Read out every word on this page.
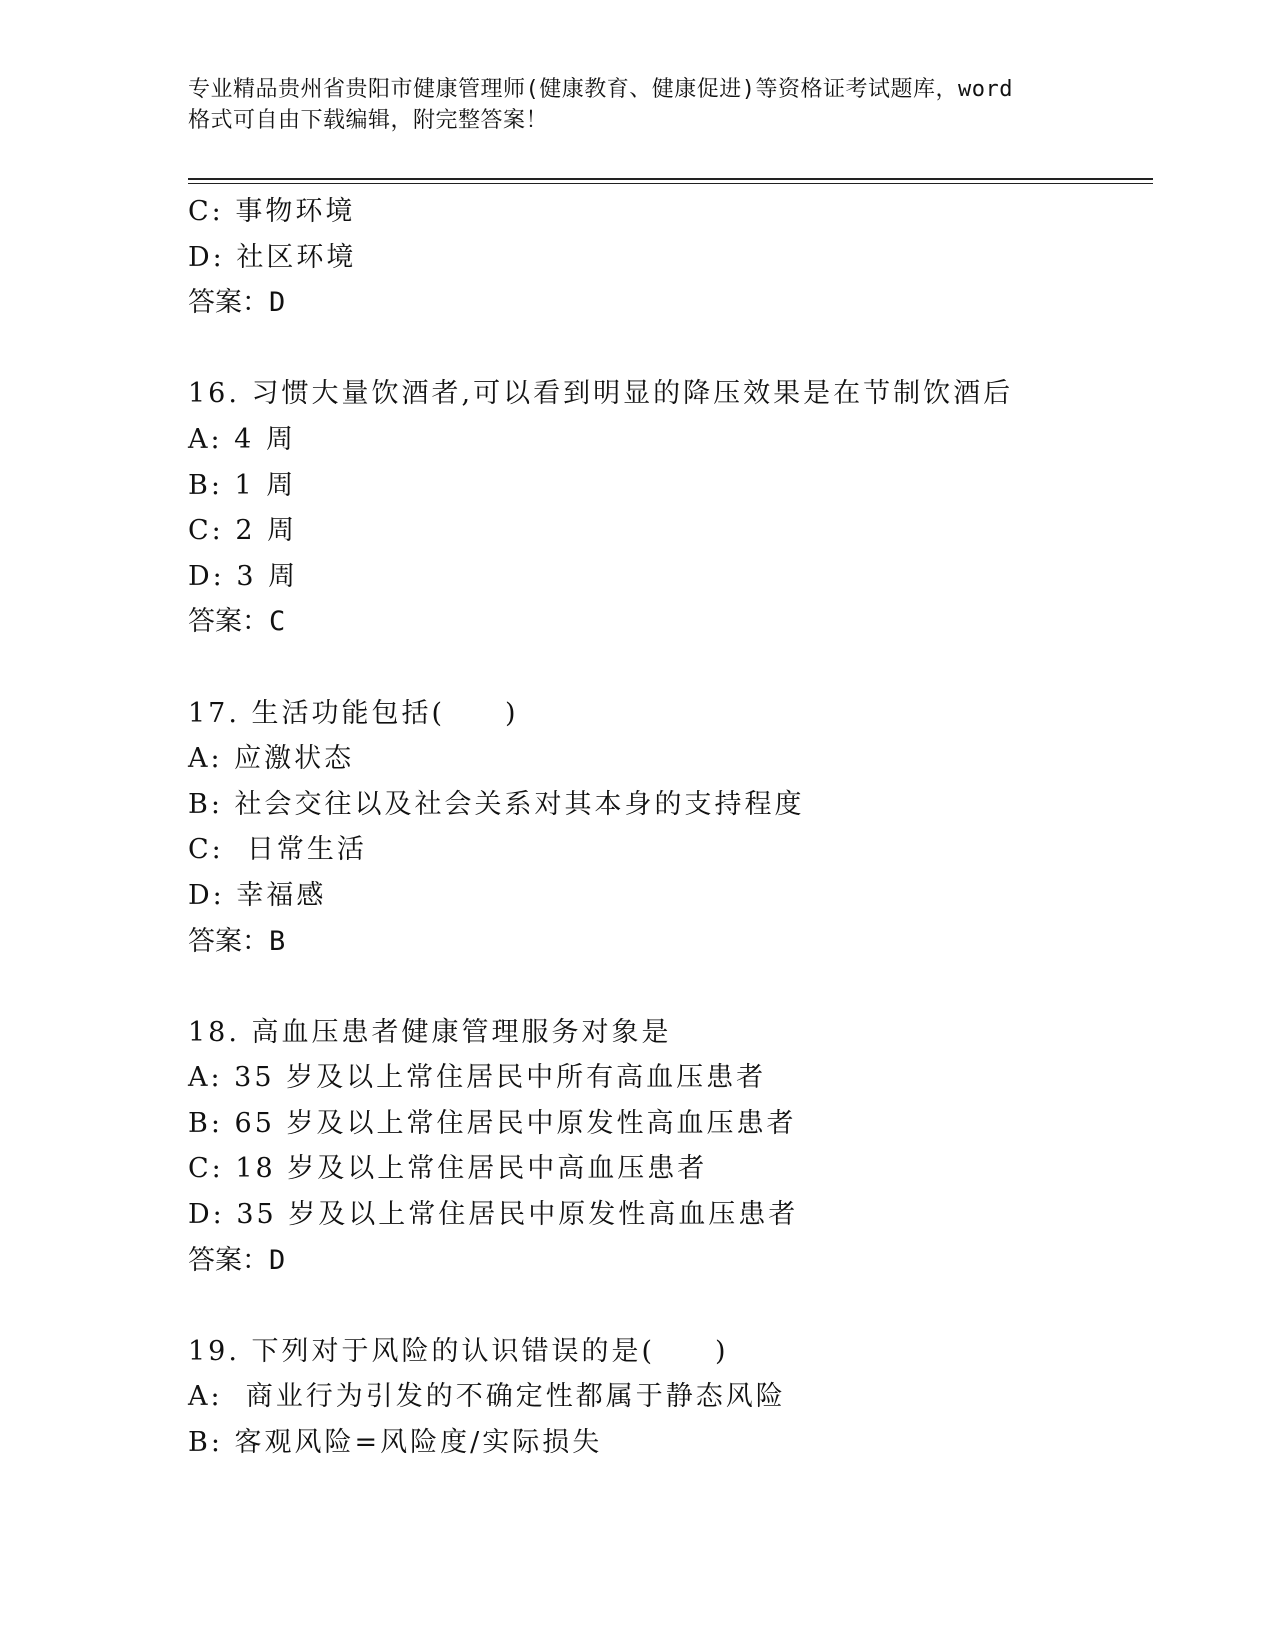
专业精品贵州省贵阳市健康管理师(健康教育、健康促进)等资格证考试题库，word
格式可自由下载编辑，附完整答案！
C: 事物环境
D: 社区环境
答案：D
16. 习惯大量饮酒者,可以看到明显的降压效果是在节制饮酒后
A: 4 周
B: 1 周
C: 2 周
D: 3 周
答案：C
17. 生活功能包括(　　)
A: 应激状态
B: 社会交往以及社会关系对其本身的支持程度
C:  日常生活
D: 幸福感
答案：B
18. 高血压患者健康管理服务对象是
A: 35 岁及以上常住居民中所有高血压患者
B: 65 岁及以上常住居民中原发性高血压患者
C: 18 岁及以上常住居民中高血压患者
D: 35 岁及以上常住居民中原发性高血压患者
答案：D
19. 下列对于风险的认识错误的是(　　)
A:  商业行为引发的不确定性都属于静态风险
B: 客观风险=风险度/实际损失
